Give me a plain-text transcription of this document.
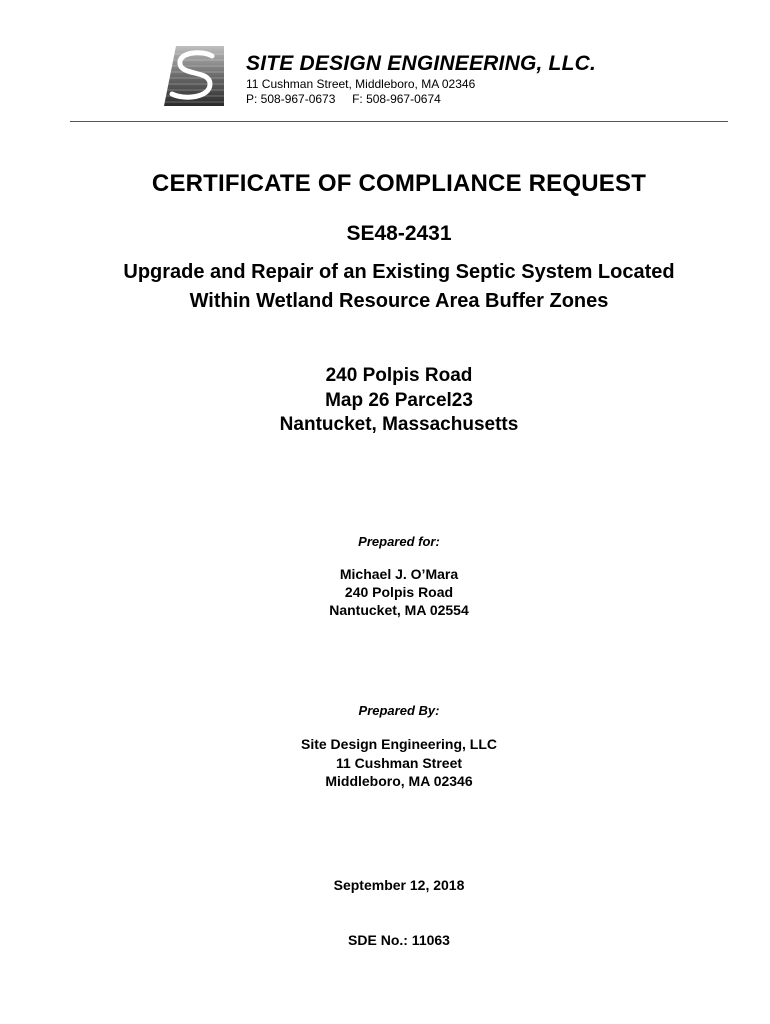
SITE DESIGN ENGINEERING, LLC.
11 Cushman Street, Middleboro, MA 02346
P: 508-967-0673     F: 508-967-0674
CERTIFICATE OF COMPLIANCE REQUEST
SE48-2431
Upgrade and Repair of an Existing Septic System Located
Within Wetland Resource Area Buffer Zones
240 Polpis Road
Map 26 Parcel23
Nantucket, Massachusetts
Prepared for:
Michael J. O’Mara
240 Polpis Road
Nantucket, MA 02554
Prepared By:
Site Design Engineering, LLC
11 Cushman Street
Middleboro, MA 02346
September 12, 2018
SDE No.: 11063
